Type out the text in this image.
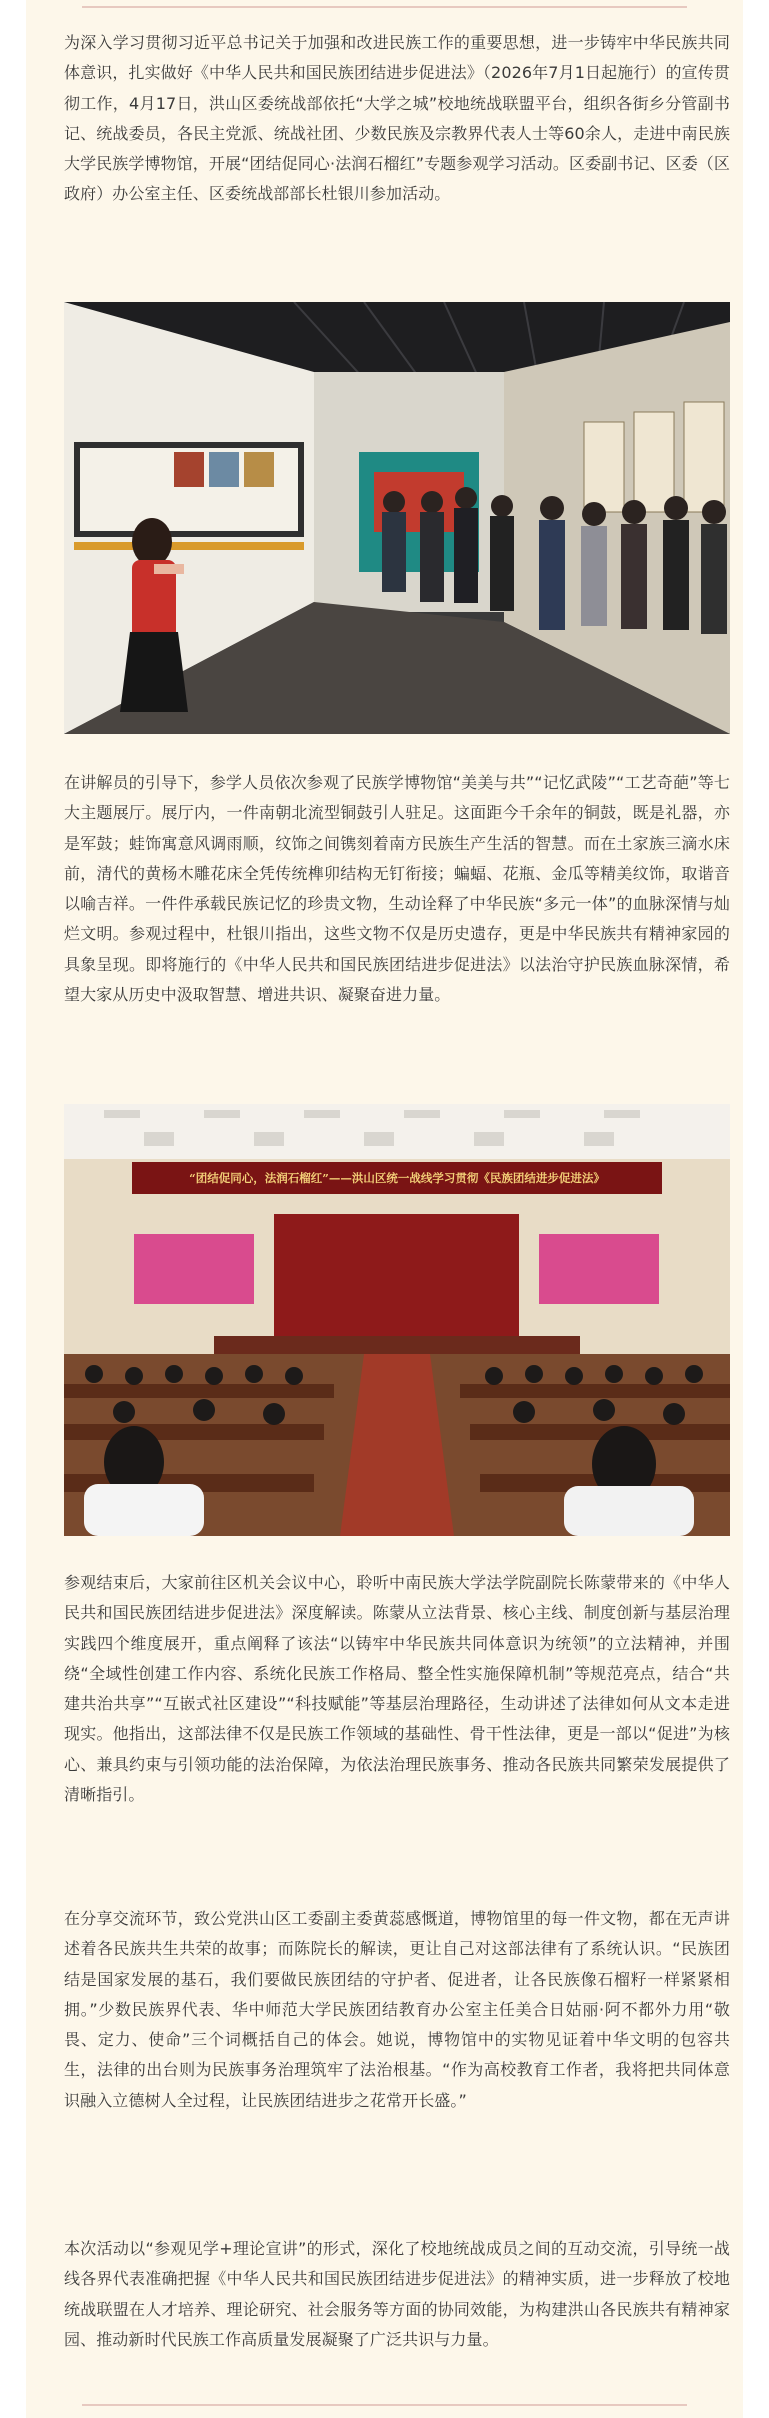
为深入学习贯彻习近平总书记关于加强和改进民族工作的重要思想，进一步铸牢中华民族共同体意识，扎实做好《中华人民共和国民族团结进步促进法》（2026年7月1日起施行）的宣传贯彻工作，4月17日，洪山区委统战部依托“大学之城”校地统战联盟平台，组织各街乡分管副书记、统战委员，各民主党派、统战社团、少数民族及宗教界代表人士等60余人，走进中南民族大学民族学博物馆，开展“团结促同心·法润石榴红”专题参观学习活动。区委副书记、区委（区政府）办公室主任、区委统战部部长杜银川参加活动。

在讲解员的引导下，参学人员依次参观了民族学博物馆“美美与共”“记忆武陵”“工艺奇葩”等七大主题展厅。展厅内，一件南朝北流型铜鼓引人驻足。这面距今千余年的铜鼓，既是礼器，亦是军鼓；蛙饰寓意风调雨顺，纹饰之间镌刻着南方民族生产生活的智慧。而在土家族三滴水床前，清代的黄杨木雕花床全凭传统榫卯结构无钉衔接；蝙蝠、花瓶、金瓜等精美纹饰，取谐音以喻吉祥。一件件承载民族记忆的珍贵文物，生动诠释了中华民族“多元一体”的血脉深情与灿烂文明。参观过程中，杜银川指出，这些文物不仅是历史遗存，更是中华民族共有精神家园的具象呈现。即将施行的《中华人民共和国民族团结进步促进法》以法治守护民族血脉深情，希望大家从历史中汲取智慧、增进共识、凝聚奋进力量。

“团结促同心，法润石榴红”——洪山区统一战线学习贯彻《民族团结进步促进法》

参观结束后，大家前往区机关会议中心，聆听中南民族大学法学院副院长陈蒙带来的《中华人民共和国民族团结进步促进法》深度解读。陈蒙从立法背景、核心主线、制度创新与基层治理实践四个维度展开，重点阐释了该法“以铸牢中华民族共同体意识为统领”的立法精神，并围绕“全域性创建工作内容、系统化民族工作格局、整全性实施保障机制”等规范亮点，结合“共建共治共享”“互嵌式社区建设”“科技赋能”等基层治理路径，生动讲述了法律如何从文本走进现实。他指出，这部法律不仅是民族工作领域的基础性、骨干性法律，更是一部以“促进”为核心、兼具约束与引领功能的法治保障，为依法治理民族事务、推动各民族共同繁荣发展提供了清晰指引。

在分享交流环节，致公党洪山区工委副主委黄蕊感慨道，博物馆里的每一件文物，都在无声讲述着各民族共生共荣的故事；而陈院长的解读，更让自己对这部法律有了系统认识。“民族团结是国家发展的基石，我们要做民族团结的守护者、促进者，让各民族像石榴籽一样紧紧相拥。”少数民族界代表、华中师范大学民族团结教育办公室主任美合日姑丽·阿不都外力用“敬畏、定力、使命”三个词概括自己的体会。她说，博物馆中的实物见证着中华文明的包容共生，法律的出台则为民族事务治理筑牢了法治根基。“作为高校教育工作者，我将把共同体意识融入立德树人全过程，让民族团结进步之花常开长盛。”

本次活动以“参观见学+理论宣讲”的形式，深化了校地统战成员之间的互动交流，引导统一战线各界代表准确把握《中华人民共和国民族团结进步促进法》的精神实质，进一步释放了校地统战联盟在人才培养、理论研究、社会服务等方面的协同效能，为构建洪山各民族共有精神家园、推动新时代民族工作高质量发展凝聚了广泛共识与力量。
